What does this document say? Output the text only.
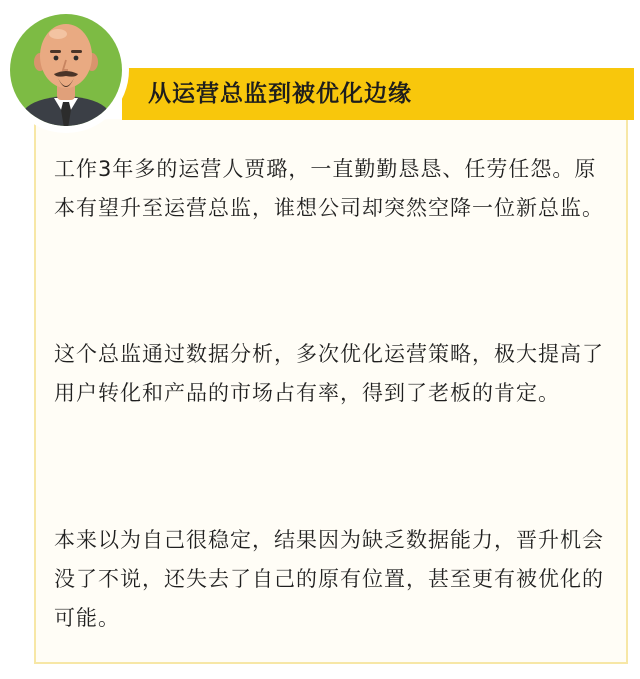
从运营总监到被优化边缘

工作3年多的运营人贾璐，一直勤勤恳恳、任劳任怨。原本有望升至运营总监，谁想公司却突然空降一位新总监。

这个总监通过数据分析，多次优化运营策略，极大提高了用户转化和产品的市场占有率，得到了老板的肯定。

本来以为自己很稳定，结果因为缺乏数据能力，晋升机会没了不说，还失去了自己的原有位置，甚至更有被优化的可能。
